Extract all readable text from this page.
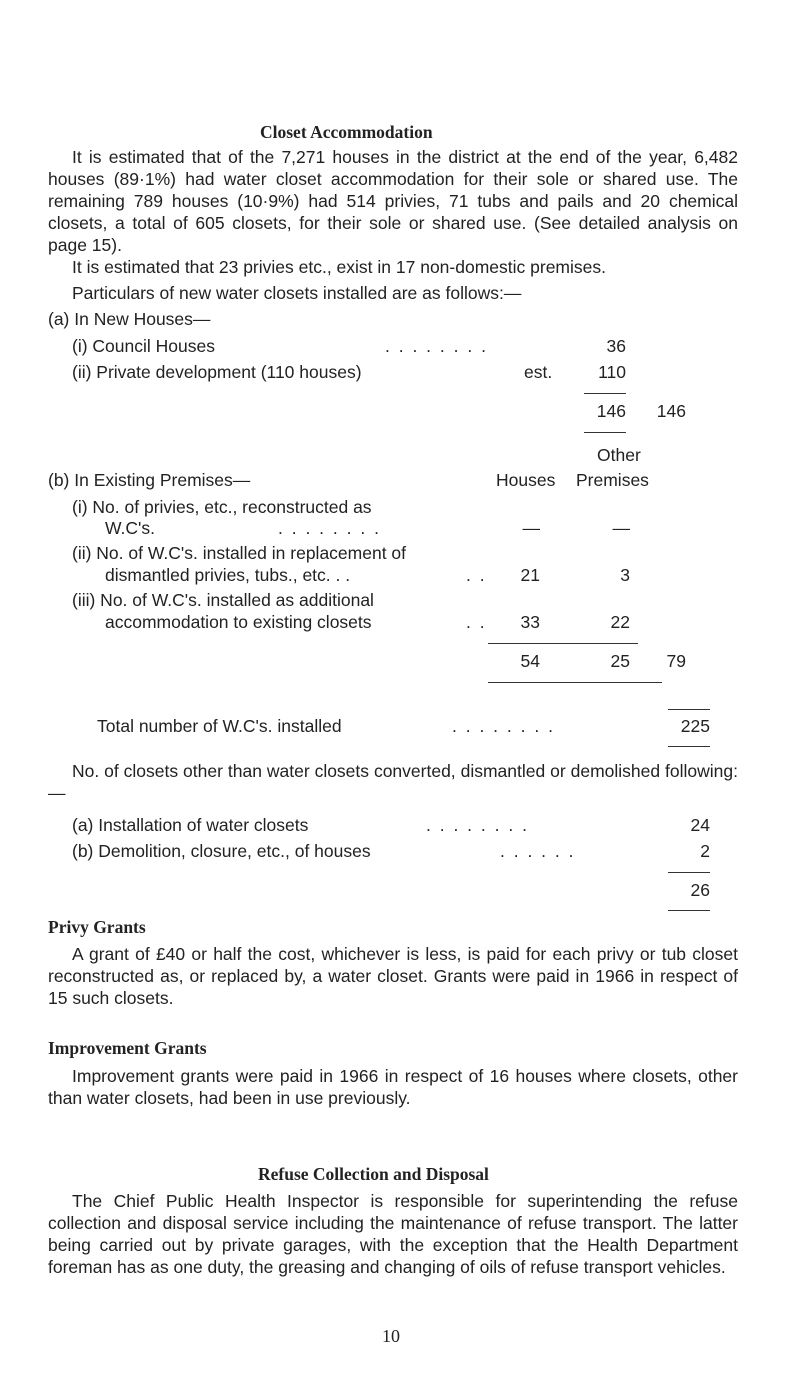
Closet Accommodation

It is estimated that of the 7,271 houses in the district at the end of the year, 6,482 houses (89·1%) had water closet accommodation for their sole or shared use. The remaining 789 houses (10·9%) had 514 privies, 71 tubs and pails and 20 chemical closets, a total of 605 closets, for their sole or shared use. (See detailed analysis on page 15).

It is estimated that 23 privies etc., exist in 17 non-domestic premises.
Particulars of new water closets installed are as follows:—
(a) In New Houses—
(i) Council Houses	. . . . . . . .	36
(ii) Private development (110 houses)	est.	110
146	146
Other
(b) In Existing Premises—	Houses Premises
(i) No. of privies, etc., reconstructed as
W.C's.	. . . . . . . .	—	—
(ii) No. of W.C's. installed in replacement of
dismantled privies, tubs., etc. . .	. .	21	3
(iii) No. of W.C's. installed as additional
accommodation to existing closets	. .	33	22
54	25	79
Total number of W.C's. installed	. . . . . . . .	225

No. of closets other than water closets converted, dismantled or demolished following:—

(a) Installation of water closets	. . . . . . . .	24
(b) Demolition, closure, etc., of houses	. . . . . .	2
26
Privy Grants

A grant of £40 or half the cost, whichever is less, is paid for each privy or tub closet reconstructed as, or replaced by, a water closet. Grants were paid in 1966 in respect of 15 such closets.

Improvement Grants

Improvement grants were paid in 1966 in respect of 16 houses where closets, other than water closets, had been in use previously.

Refuse Collection and Disposal

The Chief Public Health Inspector is responsible for superintending the refuse collection and disposal service including the maintenance of refuse transport. The latter being carried out by private garages, with the exception that the Health Department foreman has as one duty, the greasing and changing of oils of refuse transport vehicles.

10
